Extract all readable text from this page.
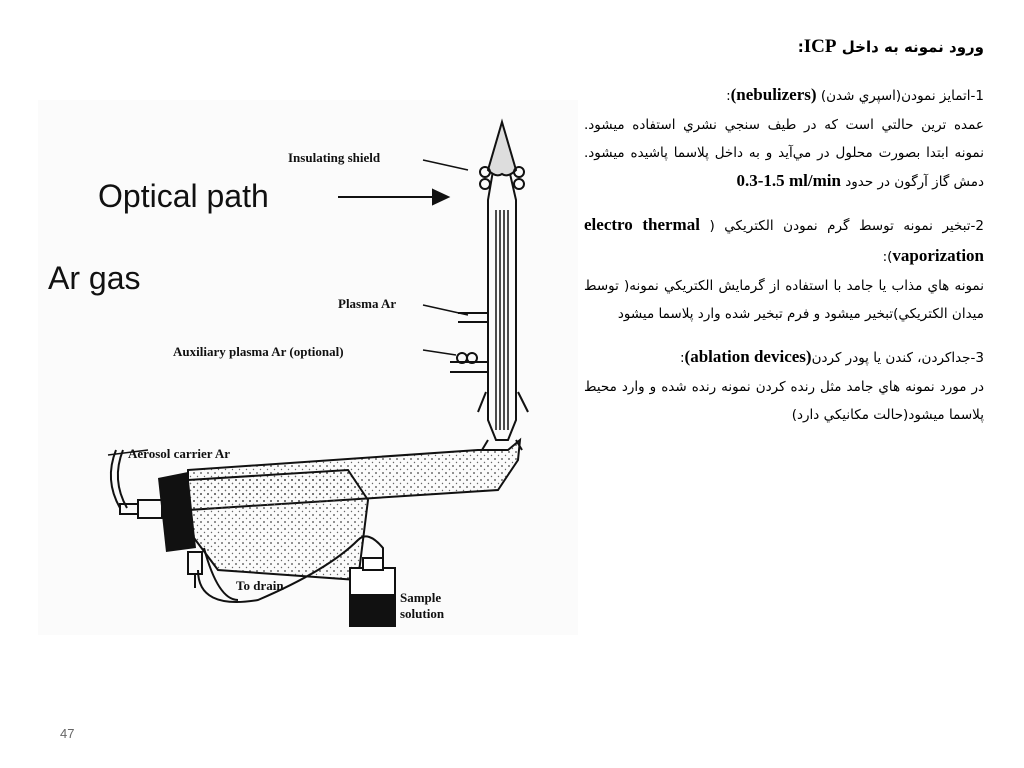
Optical path
Ar gas
Insulating shield
Plasma Ar
Auxiliary plasma Ar (optional)
Aerosol carrier Ar
To drain
Sample
solution

ورود نمونه به داخل ICP:

1-اتمايز نمودن(اسپري شدن) (nebulizers):

عمده ترين حالتي است که در طيف سنجي نشري استفاده ميشود. نمونه ابتدا بصورت محلول در مي‌آيد و به داخل پلاسما پاشيده ميشود. دمش گاز آرگون در حدود 0.3-1.5 ml/min

2-تبخير نمونه توسط گرم نمودن الکتريکي ( electro thermal vaporization):

نمونه هاي مذاب يا جامد با استفاده از گرمايش الکتريکي نمونه( توسط ميدان الکتريکي)تبخير ميشود و فرم تبخير شده وارد پلاسما ميشود

3-جداکردن، کندن يا پودر کردن(ablation devices):

در مورد نمونه هاي جامد مثل رنده کردن نمونه رنده شده و وارد محيط پلاسما ميشود(حالت مکانيکي دارد)

47
